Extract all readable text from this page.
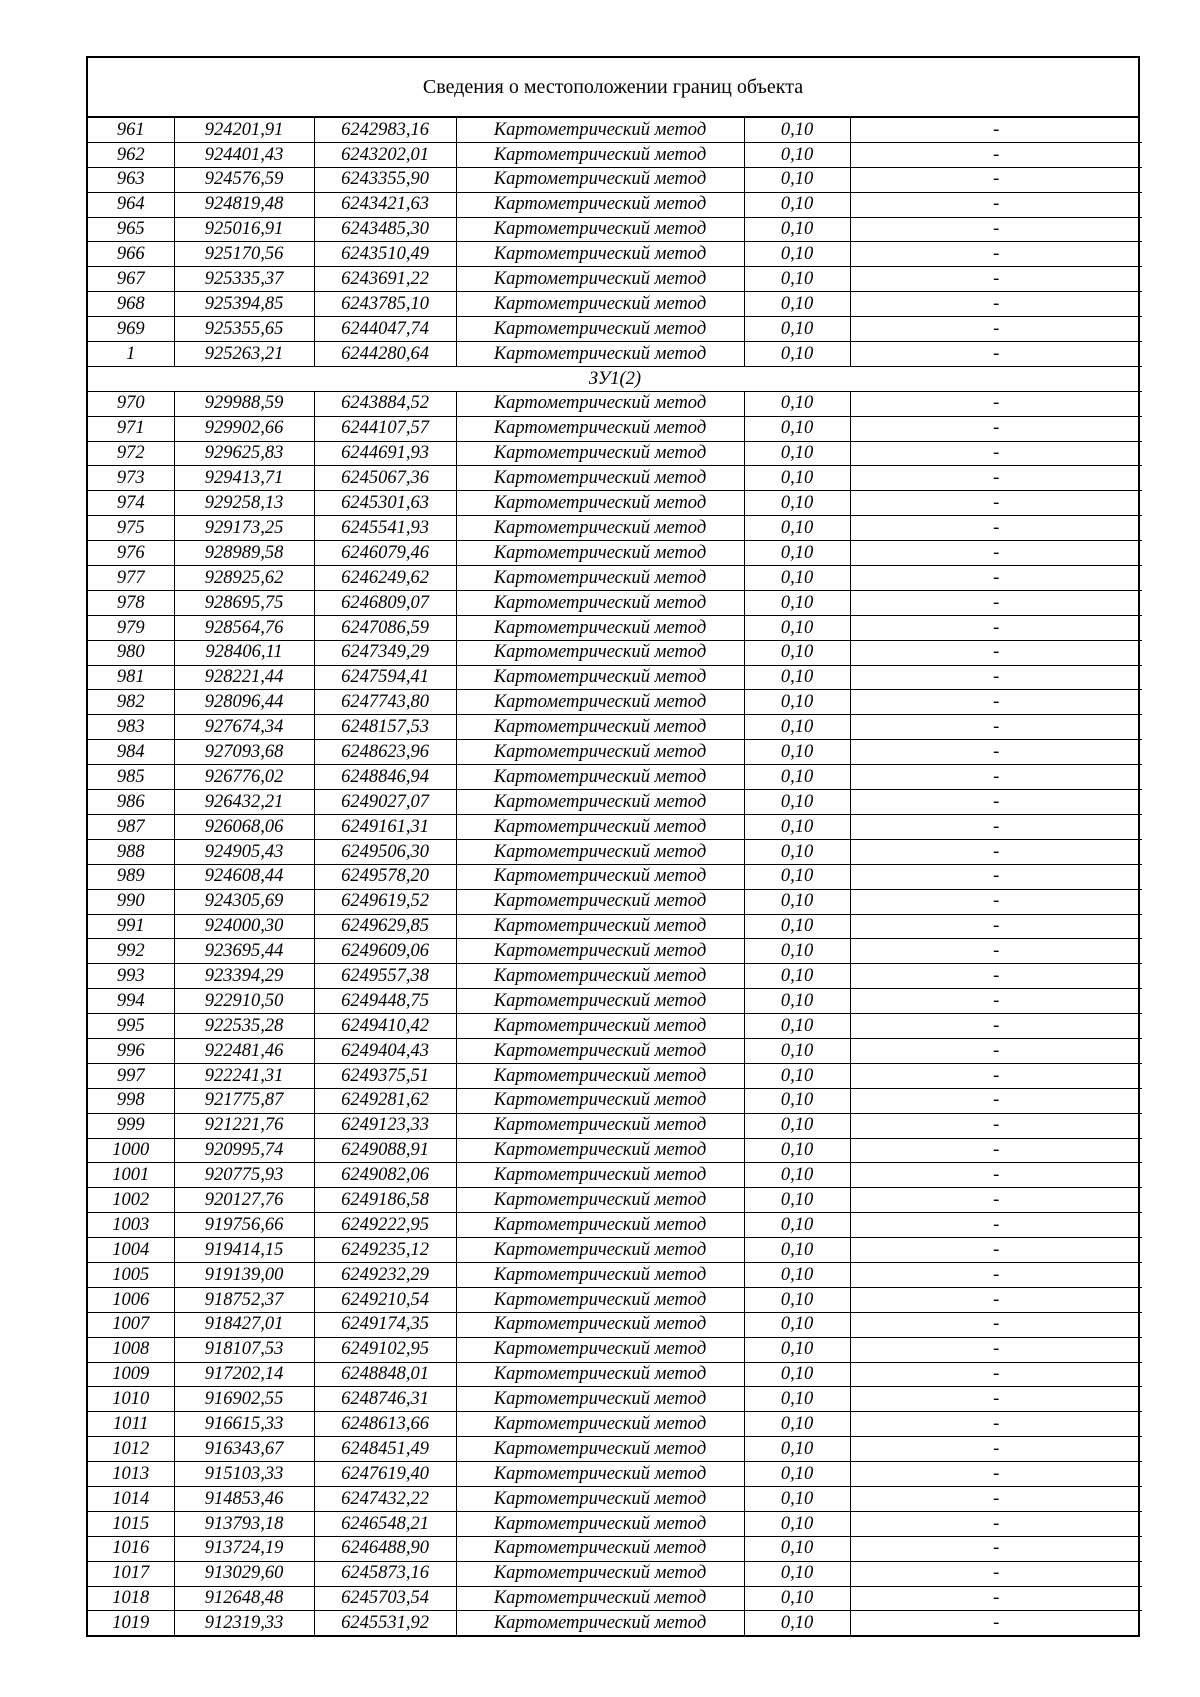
Сведения о местоположении границ объекта
961	924201,91	6242983,16	Картометрический метод	0,10	-
962	924401,43	6243202,01	Картометрический метод	0,10	-
963	924576,59	6243355,90	Картометрический метод	0,10	-
964	924819,48	6243421,63	Картометрический метод	0,10	-
965	925016,91	6243485,30	Картометрический метод	0,10	-
966	925170,56	6243510,49	Картометрический метод	0,10	-
967	925335,37	6243691,22	Картометрический метод	0,10	-
968	925394,85	6243785,10	Картометрический метод	0,10	-
969	925355,65	6244047,74	Картометрический метод	0,10	-
1	925263,21	6244280,64	Картометрический метод	0,10	-
ЗУ1(2)					
970	929988,59	6243884,52	Картометрический метод	0,10	-
971	929902,66	6244107,57	Картометрический метод	0,10	-
972	929625,83	6244691,93	Картометрический метод	0,10	-
973	929413,71	6245067,36	Картометрический метод	0,10	-
974	929258,13	6245301,63	Картометрический метод	0,10	-
975	929173,25	6245541,93	Картометрический метод	0,10	-
976	928989,58	6246079,46	Картометрический метод	0,10	-
977	928925,62	6246249,62	Картометрический метод	0,10	-
978	928695,75	6246809,07	Картометрический метод	0,10	-
979	928564,76	6247086,59	Картометрический метод	0,10	-
980	928406,11	6247349,29	Картометрический метод	0,10	-
981	928221,44	6247594,41	Картометрический метод	0,10	-
982	928096,44	6247743,80	Картометрический метод	0,10	-
983	927674,34	6248157,53	Картометрический метод	0,10	-
984	927093,68	6248623,96	Картометрический метод	0,10	-
985	926776,02	6248846,94	Картометрический метод	0,10	-
986	926432,21	6249027,07	Картометрический метод	0,10	-
987	926068,06	6249161,31	Картометрический метод	0,10	-
988	924905,43	6249506,30	Картометрический метод	0,10	-
989	924608,44	6249578,20	Картометрический метод	0,10	-
990	924305,69	6249619,52	Картометрический метод	0,10	-
991	924000,30	6249629,85	Картометрический метод	0,10	-
992	923695,44	6249609,06	Картометрический метод	0,10	-
993	923394,29	6249557,38	Картометрический метод	0,10	-
994	922910,50	6249448,75	Картометрический метод	0,10	-
995	922535,28	6249410,42	Картометрический метод	0,10	-
996	922481,46	6249404,43	Картометрический метод	0,10	-
997	922241,31	6249375,51	Картометрический метод	0,10	-
998	921775,87	6249281,62	Картометрический метод	0,10	-
999	921221,76	6249123,33	Картометрический метод	0,10	-
1000	920995,74	6249088,91	Картометрический метод	0,10	-
1001	920775,93	6249082,06	Картометрический метод	0,10	-
1002	920127,76	6249186,58	Картометрический метод	0,10	-
1003	919756,66	6249222,95	Картометрический метод	0,10	-
1004	919414,15	6249235,12	Картометрический метод	0,10	-
1005	919139,00	6249232,29	Картометрический метод	0,10	-
1006	918752,37	6249210,54	Картометрический метод	0,10	-
1007	918427,01	6249174,35	Картометрический метод	0,10	-
1008	918107,53	6249102,95	Картометрический метод	0,10	-
1009	917202,14	6248848,01	Картометрический метод	0,10	-
1010	916902,55	6248746,31	Картометрический метод	0,10	-
1011	916615,33	6248613,66	Картометрический метод	0,10	-
1012	916343,67	6248451,49	Картометрический метод	0,10	-
1013	915103,33	6247619,40	Картометрический метод	0,10	-
1014	914853,46	6247432,22	Картометрический метод	0,10	-
1015	913793,18	6246548,21	Картометрический метод	0,10	-
1016	913724,19	6246488,90	Картометрический метод	0,10	-
1017	913029,60	6245873,16	Картометрический метод	0,10	-
1018	912648,48	6245703,54	Картометрический метод	0,10	-
1019	912319,33	6245531,92	Картометрический метод	0,10	-
